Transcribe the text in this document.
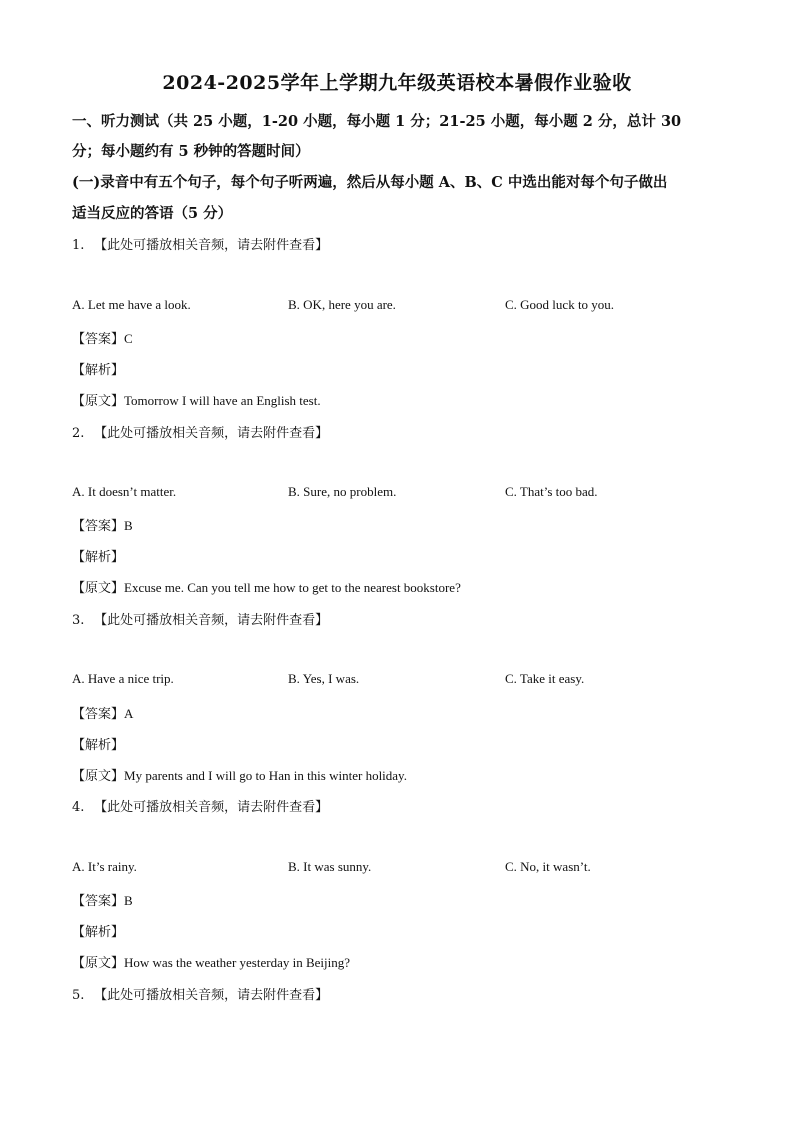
2024-2025学年上学期九年级英语校本暑假作业验收
一、听力测试（共 25 小题，1-20 小题，每小题 1 分；21-25 小题，每小题 2 分，总计 30
分；每小题约有 5 秒钟的答题时间）
(一)录音中有五个句子，每个句子听两遍，然后从每小题 A、B、C 中选出能对每个句子做出
适当反应的答语（5 分）
1. 【此处可播放相关音频，请去附件查看】
A. Let me have a look.	B. OK, here you are.	C. Good luck to you.
【答案】C
【解析】
【原文】Tomorrow I will have an English test.
2. 【此处可播放相关音频，请去附件查看】
A. It doesn’t matter.	B. Sure, no problem.	C. That’s too bad.
【答案】B
【解析】
【原文】Excuse me. Can you tell me how to get to the nearest bookstore?
3. 【此处可播放相关音频，请去附件查看】
A. Have a nice trip.	B. Yes, I was.	C. Take it easy.
【答案】A
【解析】
【原文】My parents and I will go to Han in this winter holiday.
4. 【此处可播放相关音频，请去附件查看】
A. It’s rainy.	B. It was sunny.	C. No, it wasn’t.
【答案】B
【解析】
【原文】How was the weather yesterday in Beijing?
5. 【此处可播放相关音频，请去附件查看】
